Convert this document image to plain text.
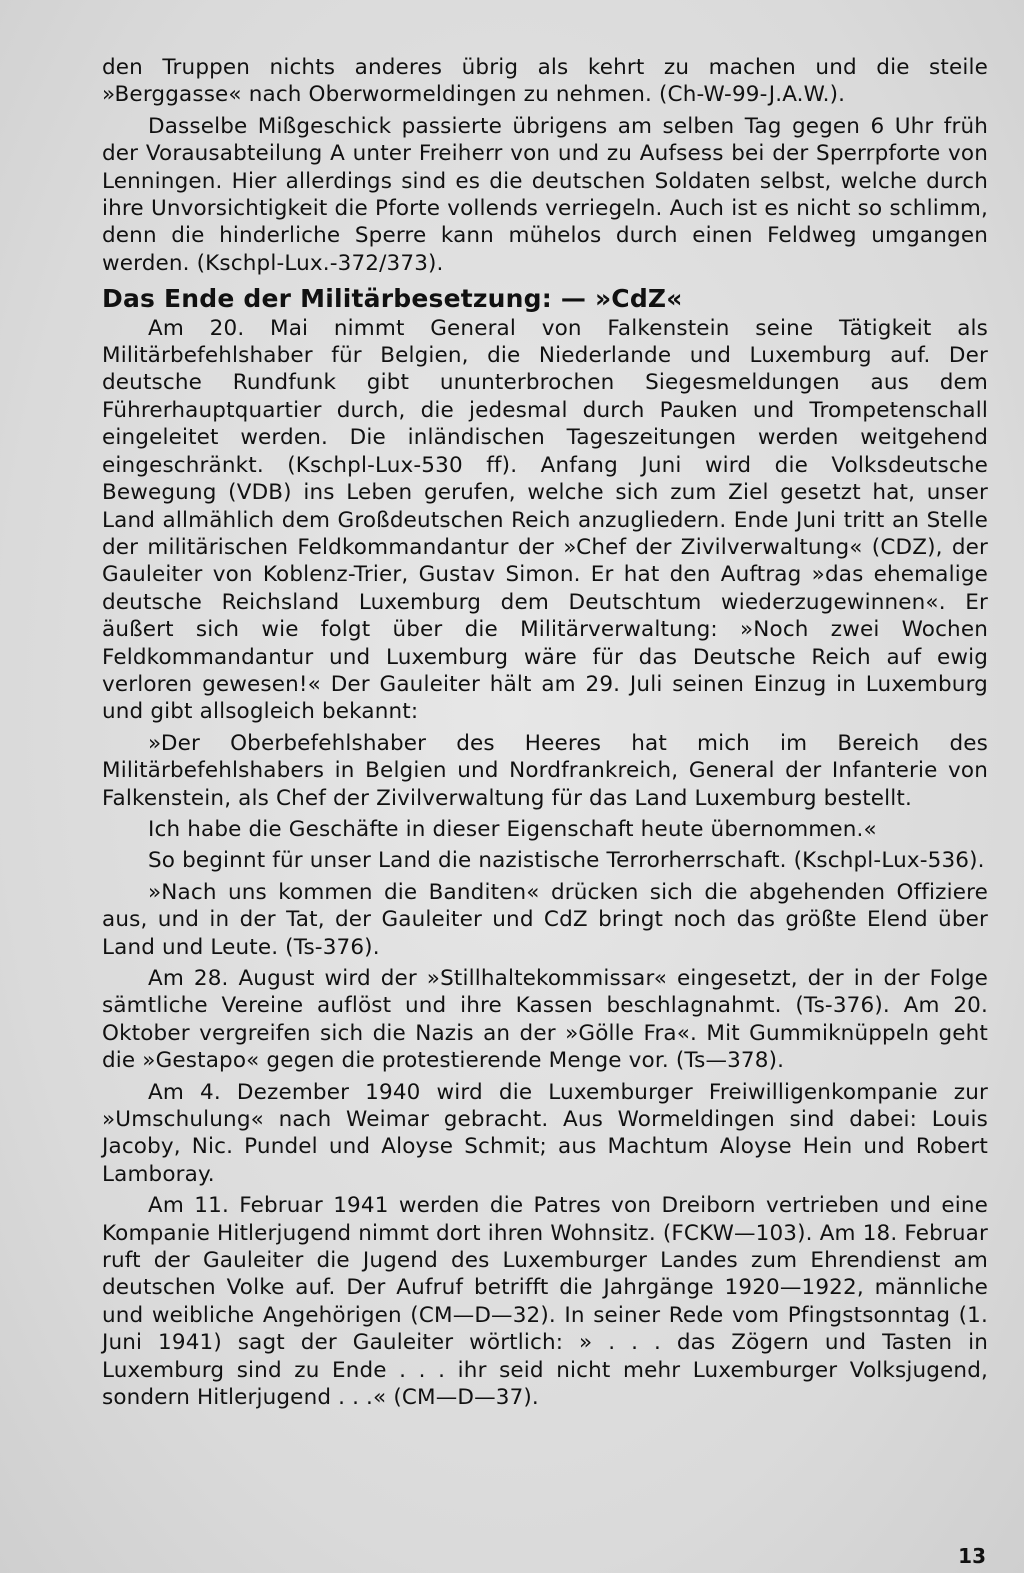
den Truppen nichts anderes übrig als kehrt zu machen und die steile »Berggasse« nach Oberwormeldingen zu nehmen. (Ch-W-99-J.A.W.).

Dasselbe Mißgeschick passierte übrigens am selben Tag gegen 6 Uhr früh der Vorausabteilung A unter Freiherr von und zu Aufsess bei der Sperrpforte von Lenningen. Hier allerdings sind es die deutschen Soldaten selbst, welche durch ihre Unvorsichtigkeit die Pforte vollends verriegeln. Auch ist es nicht so schlimm, denn die hinderliche Sperre kann mühelos durch einen Feldweg umgangen werden. (Kschpl-Lux.-372/373).

Das Ende der Militärbesetzung: — »CdZ«

Am 20. Mai nimmt General von Falkenstein seine Tätigkeit als Militärbefehlshaber für Belgien, die Niederlande und Luxemburg auf. Der deutsche Rundfunk gibt ununterbrochen Siegesmeldungen aus dem Führerhauptquartier durch, die jedesmal durch Pauken und Trompetenschall eingeleitet werden. Die inländischen Tageszeitungen werden weitgehend eingeschränkt. (Kschpl-Lux-530 ff). Anfang Juni wird die Volksdeutsche Bewegung (VDB) ins Leben gerufen, welche sich zum Ziel gesetzt hat, unser Land allmählich dem Großdeutschen Reich anzugliedern. Ende Juni tritt an Stelle der militärischen Feldkommandantur der »Chef der Zivilverwaltung« (CDZ), der Gauleiter von Koblenz-Trier, Gustav Simon. Er hat den Auftrag »das ehemalige deutsche Reichsland Luxemburg dem Deutschtum wiederzugewinnen«. Er äußert sich wie folgt über die Militärverwaltung: »Noch zwei Wochen Feldkommandantur und Luxemburg wäre für das Deutsche Reich auf ewig verloren gewesen!« Der Gauleiter hält am 29. Juli seinen Einzug in Luxemburg und gibt allsogleich bekannt:

»Der Oberbefehlshaber des Heeres hat mich im Bereich des Militärbefehlshabers in Belgien und Nordfrankreich, General der Infanterie von Falkenstein, als Chef der Zivilverwaltung für das Land Luxemburg bestellt.

Ich habe die Geschäfte in dieser Eigenschaft heute übernommen.«

So beginnt für unser Land die nazistische Terrorherrschaft. (Kschpl-Lux-536).

»Nach uns kommen die Banditen« drücken sich die abgehenden Offiziere aus, und in der Tat, der Gauleiter und CdZ bringt noch das größte Elend über Land und Leute. (Ts-376).

Am 28. August wird der »Stillhaltekommissar« eingesetzt, der in der Folge sämtliche Vereine auflöst und ihre Kassen beschlagnahmt. (Ts-376). Am 20. Oktober vergreifen sich die Nazis an der »Gölle Fra«. Mit Gummiknüppeln geht die »Gestapo« gegen die protestierende Menge vor. (Ts—378).

Am 4. Dezember 1940 wird die Luxemburger Freiwilligenkompanie zur »Umschulung« nach Weimar gebracht. Aus Wormeldingen sind dabei: Louis Jacoby, Nic. Pundel und Aloyse Schmit; aus Machtum Aloyse Hein und Robert Lamboray.

Am 11. Februar 1941 werden die Patres von Dreiborn vertrieben und eine Kompanie Hitlerjugend nimmt dort ihren Wohnsitz. (FCKW—103). Am 18. Februar ruft der Gauleiter die Jugend des Luxemburger Landes zum Ehrendienst am deutschen Volke auf. Der Aufruf betrifft die Jahrgänge 1920—1922, männliche und weibliche Angehörigen (CM—D—32). In seiner Rede vom Pfingstsonntag (1. Juni 1941) sagt der Gauleiter wörtlich: » . . . das Zögern und Tasten in Luxemburg sind zu Ende . . . ihr seid nicht mehr Luxemburger Volksjugend, sondern Hitlerjugend . . .« (CM—D—37).

13
